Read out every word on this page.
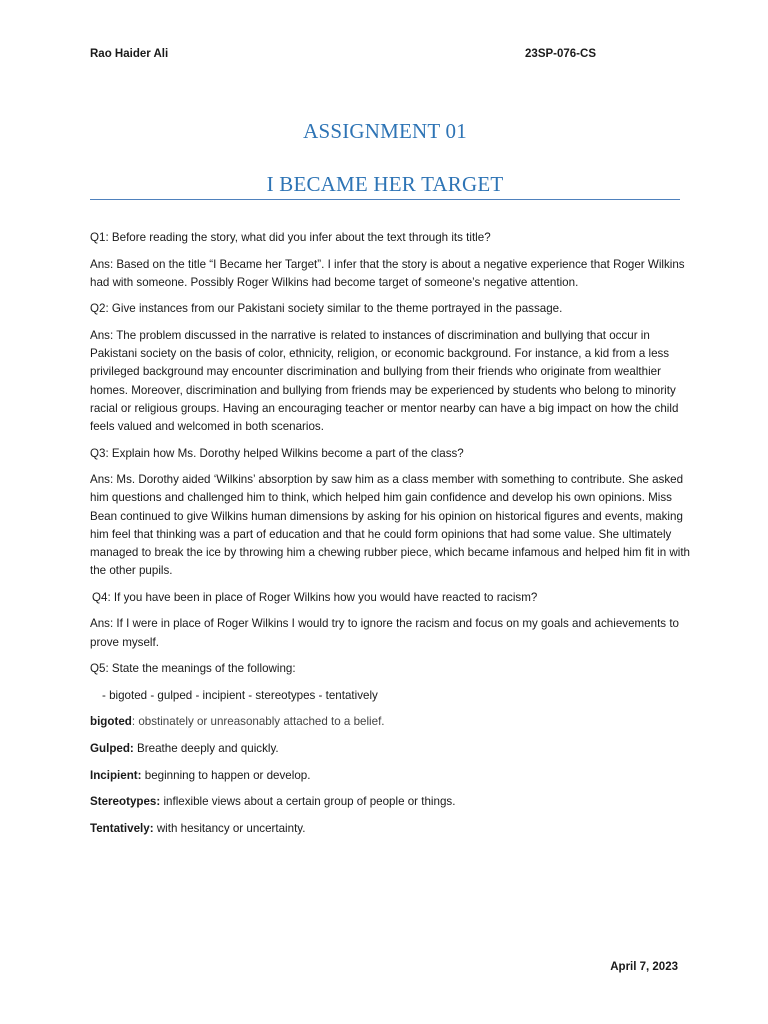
Rao Haider Ali	23SP-076-CS
ASSIGNMENT 01
I BECAME HER TARGET

Q1: Before reading the story, what did you infer about the text through its title?

Ans: Based on the title “I Became her Target”. I infer that the story is about a negative experience that Roger Wilkins had with someone. Possibly Roger Wilkins had become target of someone’s negative attention.

Q2: Give instances from our Pakistani society similar to the theme portrayed in the passage.

Ans: The problem discussed in the narrative is related to instances of discrimination and bullying that occur in Pakistani society on the basis of color, ethnicity, religion, or economic background. For instance, a kid from a less privileged background may encounter discrimination and bullying from their friends who originate from wealthier homes. Moreover, discrimination and bullying from friends may be experienced by students who belong to minority racial or religious groups. Having an encouraging teacher or mentor nearby can have a big impact on how the child feels valued and welcomed in both scenarios.

Q3: Explain how Ms. Dorothy helped Wilkins become a part of the class?

Ans: Ms. Dorothy aided ‘Wilkins’ absorption by saw him as a class member with something to contribute. She asked him questions and challenged him to think, which helped him gain confidence and develop his own opinions. Miss Bean continued to give Wilkins human dimensions by asking for his opinion on historical figures and events, making him feel that thinking was a part of education and that he could form opinions that had some value. She ultimately managed to break the ice by throwing him a chewing rubber piece, which became infamous and helped him fit in with the other pupils.

Q4: If you have been in place of Roger Wilkins how you would have reacted to racism?

Ans: If I were in place of Roger Wilkins I would try to ignore the racism and focus on my goals and achievements to prove myself.

Q5: State the meanings of the following:

- bigoted - gulped - incipient - stereotypes - tentatively

bigoted: obstinately or unreasonably attached to a belief.

Gulped: Breathe deeply and quickly.

Incipient: beginning to happen or develop.

Stereotypes: inflexible views about a certain group of people or things.

Tentatively: with hesitancy or uncertainty.

April 7, 2023
